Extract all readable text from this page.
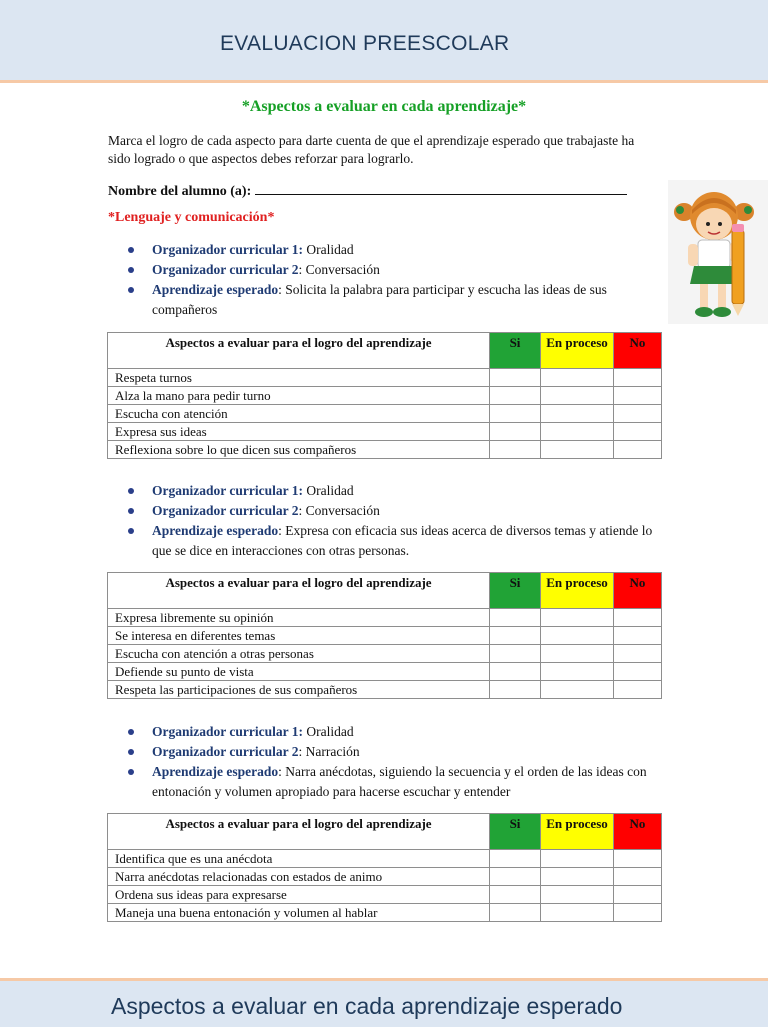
EVALUACION PREESCOLAR
*Aspectos a evaluar en cada aprendizaje*
Marca el logro de cada aspecto para darte cuenta de que el aprendizaje esperado que trabajaste ha sido logrado o que aspectos debes reforzar para lograrlo.
Nombre del alumno (a):
*Lenguaje y comunicación*
Organizador curricular 1: Oralidad
Organizador curricular 2: Conversación
Aprendizaje esperado: Solicita la palabra para participar y escucha las ideas de sus compañeros
Aspectos a evaluar para el logro del aprendizaje	Si	En proceso	No
Respeta turnos			
Alza la mano para pedir turno			
Escucha con atención			
Expresa sus ideas			
Reflexiona sobre lo que dicen sus compañeros			
Organizador curricular 1: Oralidad
Organizador curricular 2: Conversación
Aprendizaje esperado: Expresa con eficacia sus ideas acerca de diversos temas y atiende lo que se dice en interacciones con otras personas.
Aspectos a evaluar para el logro del aprendizaje	Si	En proceso	No
Expresa libremente su opinión			
Se interesa en diferentes temas			
Escucha con atención a otras personas			
Defiende su punto de vista			
Respeta las participaciones de sus compañeros			
Organizador curricular 1: Oralidad
Organizador curricular 2: Narración
Aprendizaje esperado: Narra anécdotas, siguiendo la secuencia y el orden de las ideas con entonación y volumen apropiado para hacerse escuchar y entender
Aspectos a evaluar para el logro del aprendizaje	Si	En proceso	No
Identifica que es una anécdota			
Narra anécdotas relacionadas con estados de animo			
Ordena sus ideas para expresarse			
Maneja una buena entonación y volumen al hablar			
Aspectos a evaluar en cada aprendizaje esperado
